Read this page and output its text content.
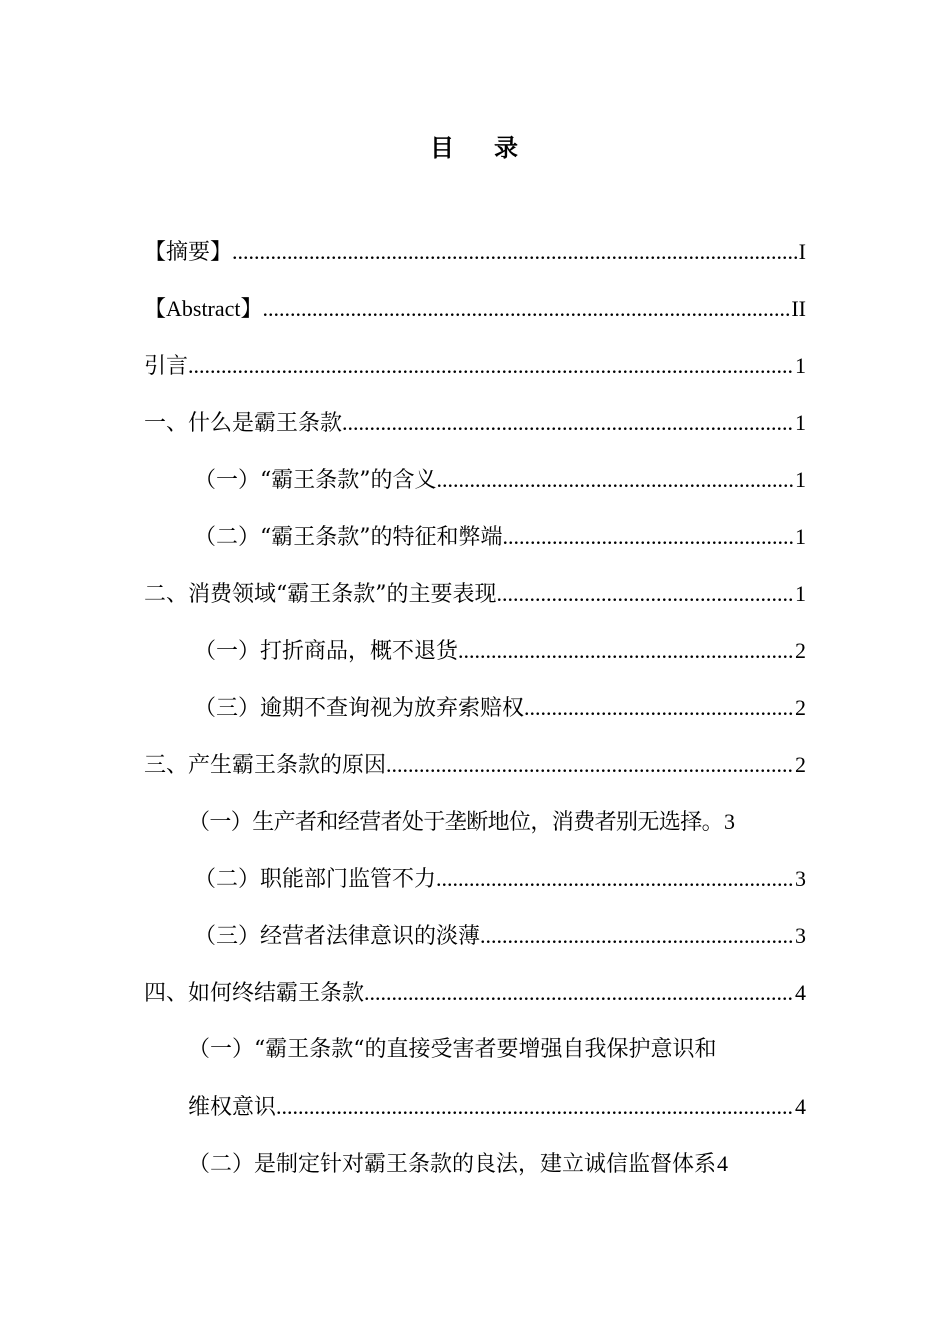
目 录
【摘要】 .....	I
【Abstract】 .....	II
引言 .....	1
一、什么是霸王条款 .....	1
（一）“霸王条款”的含义 .....	1
（二）“霸王条款”的特征和弊端 .....	1
二、消费领域“霸王条款”的主要表现 .....	1
（一）打折商品，概不退货 .....	2
（三）逾期不查询视为放弃索赔权 .....	2
三、产生霸王条款的原因 .....	2
（一）生产者和经营者处于垄断地位，消费者别无选择。 3
（二）职能部门监管不力 .....	3
（三）经营者法律意识的淡薄 .....	3
四、如何终结霸王条款 .....	4
（一）“霸王条款“的直接受害者要增强自我保护意识和
维权意识 .....	4
（二）是制定针对霸王条款的良法，建立诚信监督体系 4
